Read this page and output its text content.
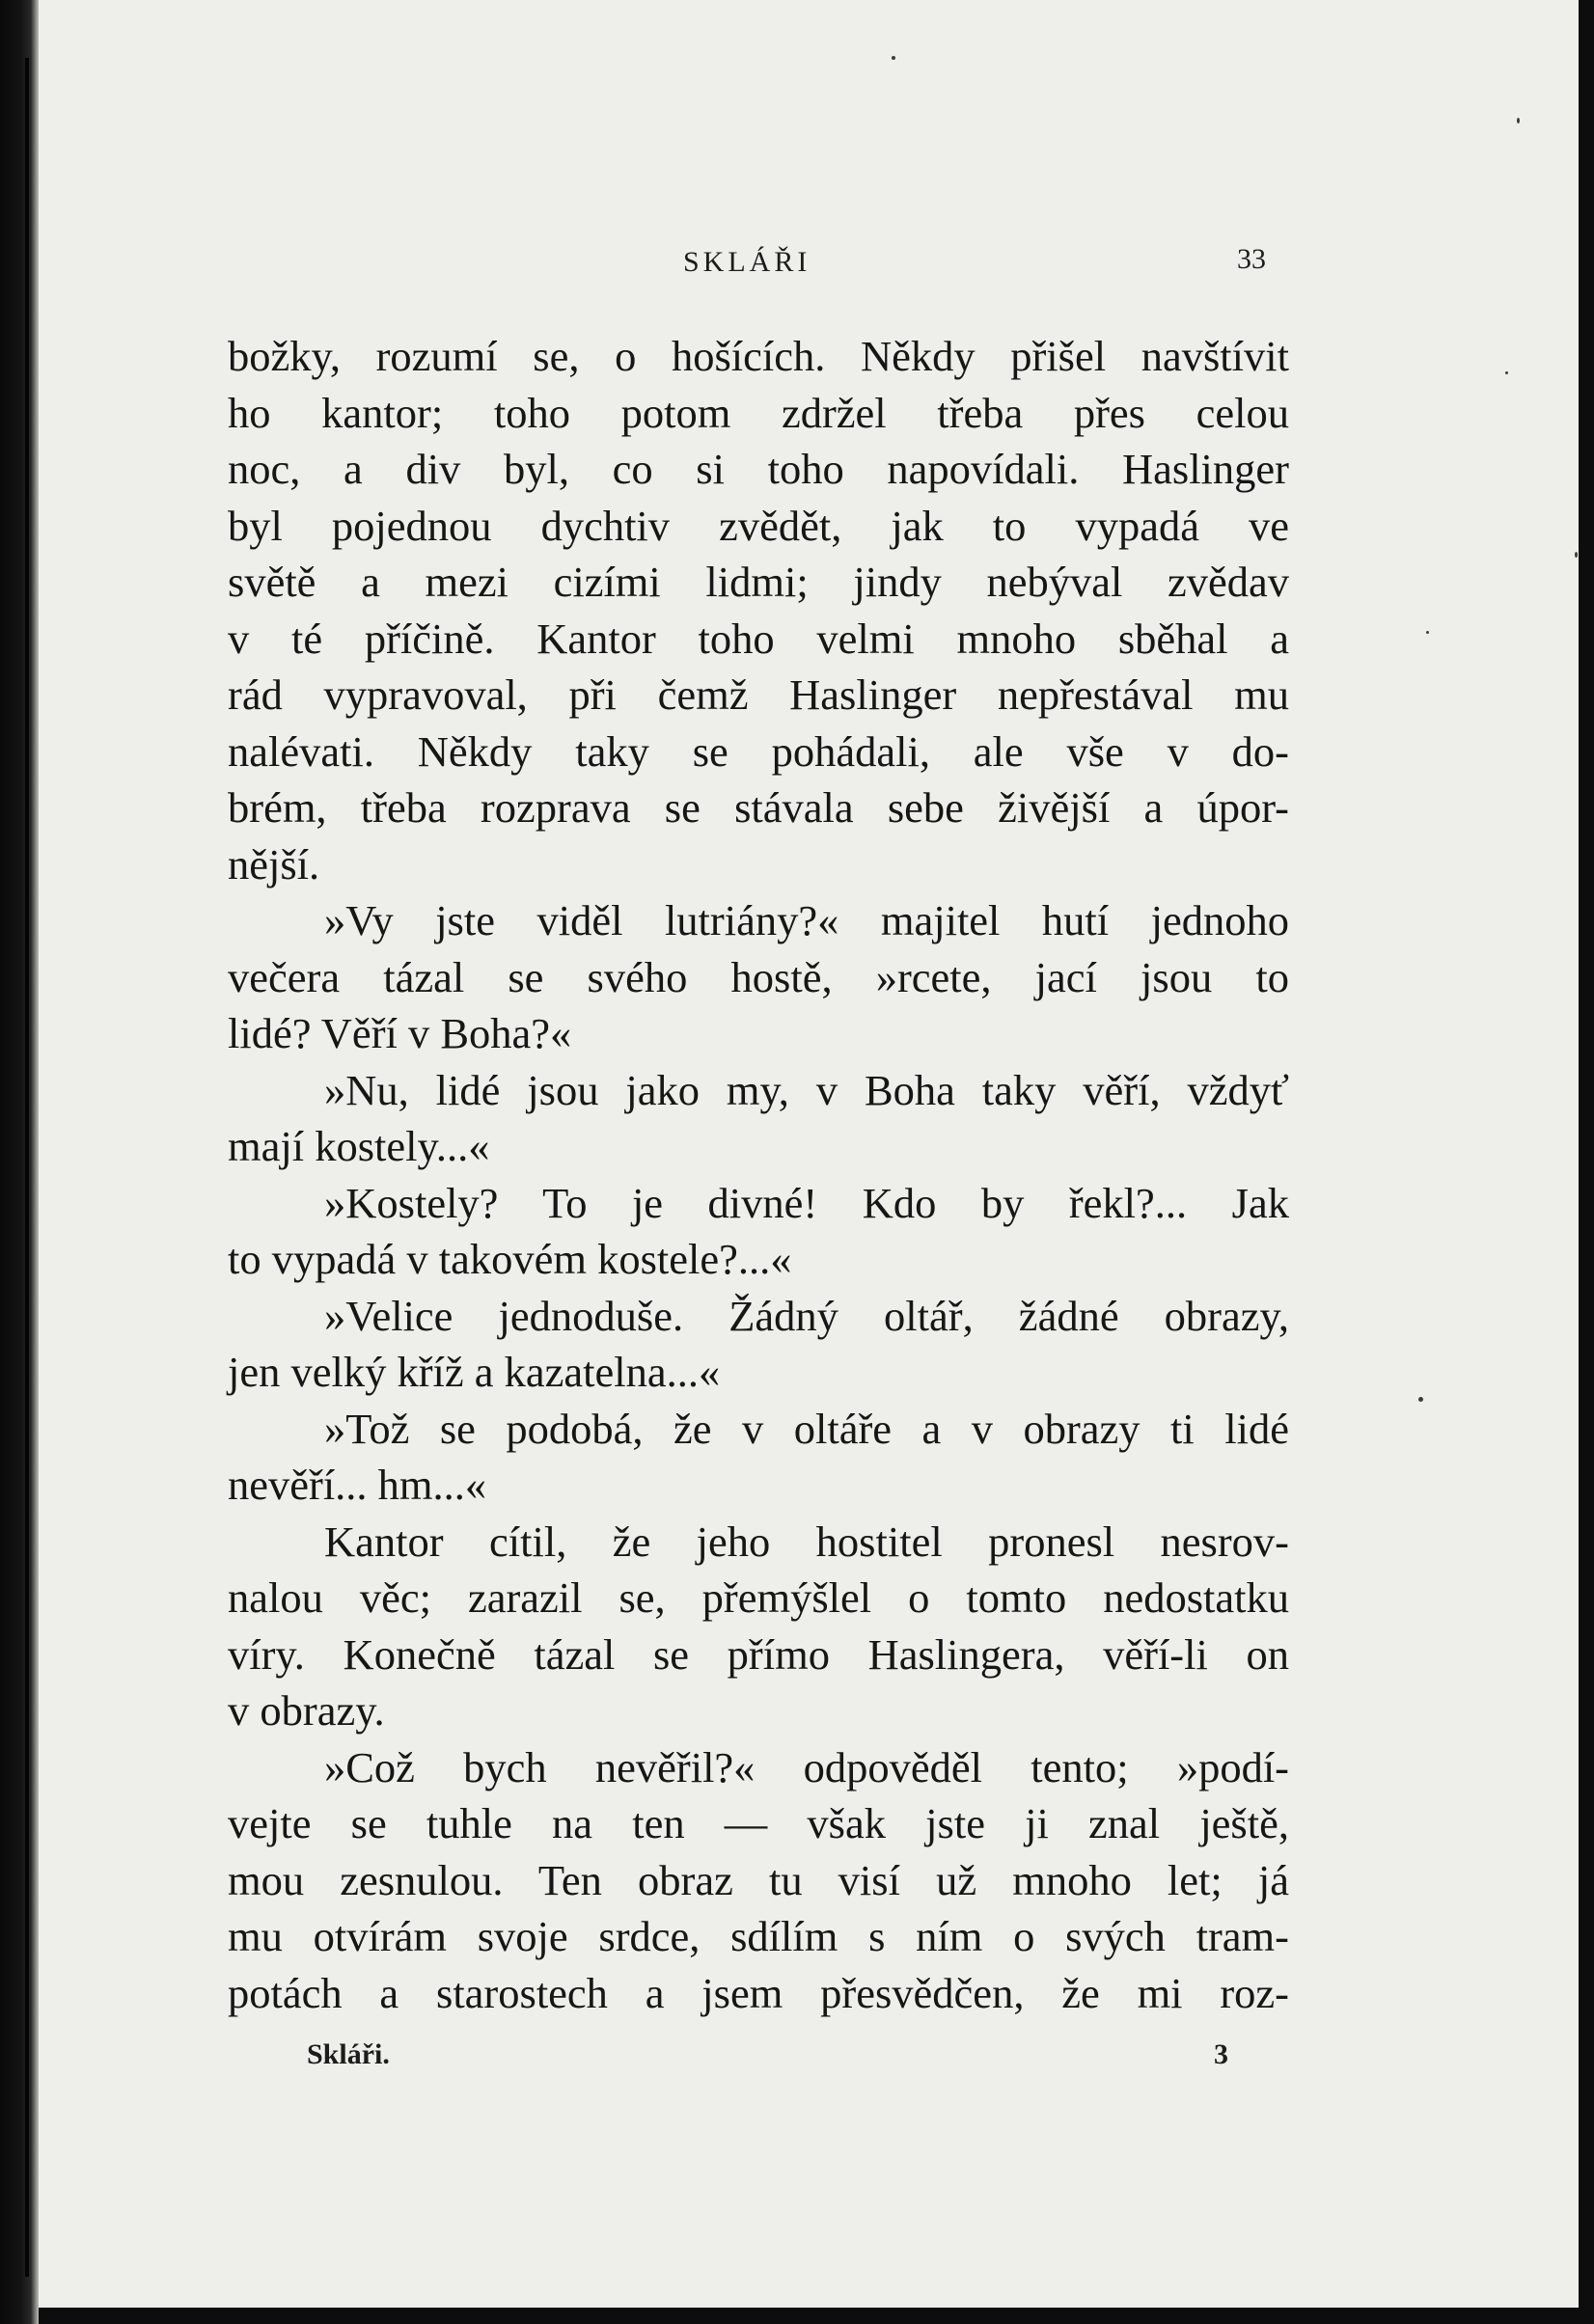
SKLÁŘI	33
božky, rozumí se, o hošících. Někdy přišel navštívit
ho kantor; toho potom zdržel třeba přes celou
noc, a div byl, co si toho napovídali. Haslinger
byl pojednou dychtiv zvědět, jak to vypadá ve
světě a mezi cizími lidmi; jindy nebýval zvědav
v té příčině. Kantor toho velmi mnoho sběhal a
rád vypravoval, při čemž Haslinger nepřestával mu
nalévati. Někdy taky se pohádali, ale vše v do-
brém, třeba rozprava se stávala sebe živější a úpor-
nější.
»Vy jste viděl lutriány?« majitel hutí jednoho
večera tázal se svého hostě, »rcete, jací jsou to
lidé? Věří v Boha?«
»Nu, lidé jsou jako my, v Boha taky věří, vždyť
mají kostely...«
»Kostely? To je divné! Kdo by řekl?... Jak
to vypadá v takovém kostele?...«
»Velice jednoduše. Žádný oltář, žádné obrazy,
jen velký kříž a kazatelna...«
»Tož se podobá, že v oltáře a v obrazy ti lidé
nevěří... hm...«
Kantor cítil, že jeho hostitel pronesl nesrov-
nalou věc; zarazil se, přemýšlel o tomto nedostatku
víry. Konečně tázal se přímo Haslingera, věří-li on
v obrazy.
»Což bych nevěřil?« odpověděl tento; »podí-
vejte se tuhle na ten — však jste ji znal ještě,
mou zesnulou. Ten obraz tu visí už mnoho let; já
mu otvírám svoje srdce, sdílím s ním o svých tram-
potách a starostech a jsem přesvědčen, že mi roz-
Skláři.	3
